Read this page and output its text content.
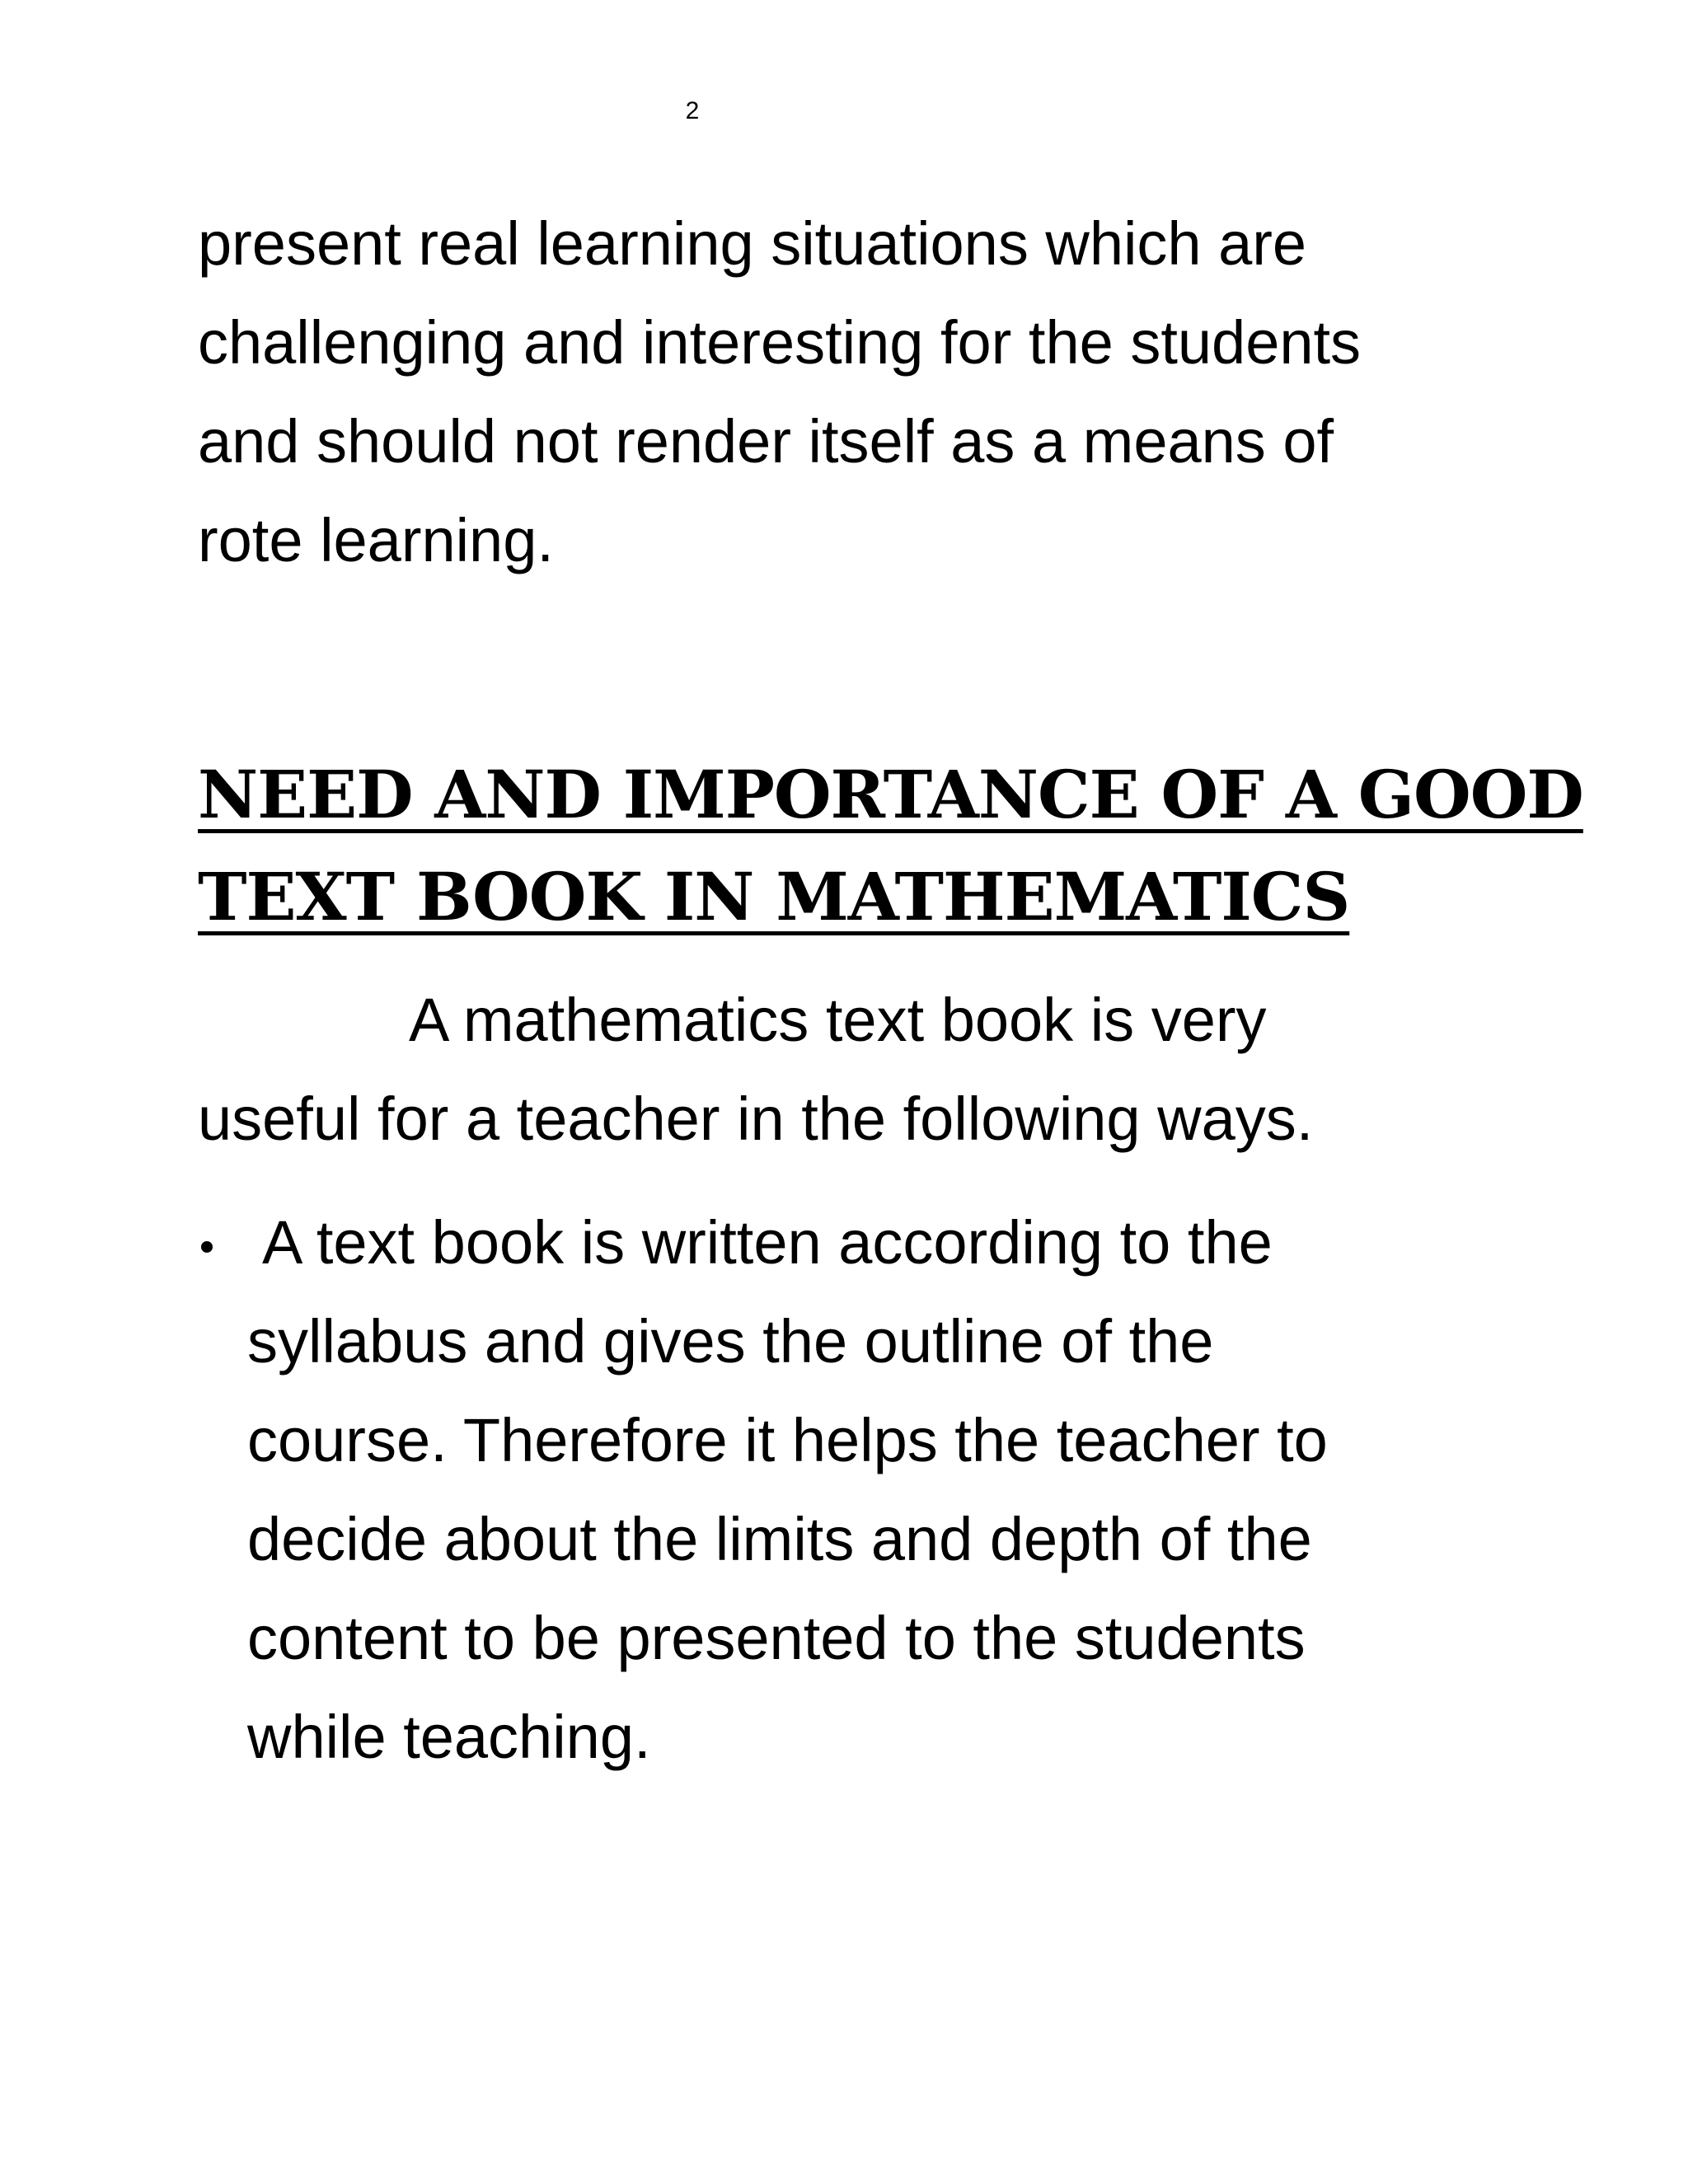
2

present real learning situations which are
challenging and interesting for the students
and should not render itself as a means of
rote learning.

NEED AND IMPORTANCE OF A GOOD
TEXT BOOK IN MATHEMATICS

A mathematics text book is very
useful for a teacher in the following ways.

A text book is written according to the
syllabus and gives the outline of the
course. Therefore it helps the teacher to
decide about the limits and depth of the
content to be presented to the students
while teaching.
